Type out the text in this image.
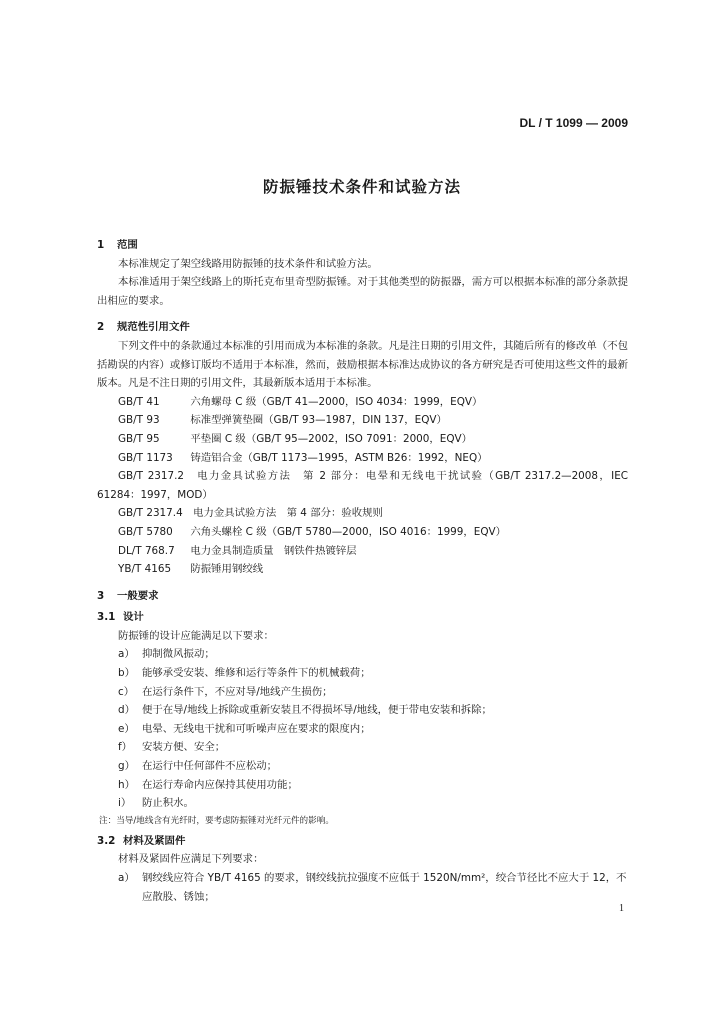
DL / T 1099 — 2009
防振锤技术条件和试验方法
1 范围
本标准规定了架空线路用防振锤的技术条件和试验方法。
本标准适用于架空线路上的斯托克布里奇型防振锤。对于其他类型的防振器，需方可以根据本标准的部分条款提出相应的要求。
2 规范性引用文件
下列文件中的条款通过本标准的引用而成为本标准的条款。凡是注日期的引用文件，其随后所有的修改单（不包括勘误的内容）或修订版均不适用于本标准，然而，鼓励根据本标准达成协议的各方研究是否可使用这些文件的最新版本。凡是不注日期的引用文件，其最新版本适用于本标准。
GB/T 41　	六角螺母 C 级（GB/T 41—2000，ISO 4034：1999，EQV）
GB/T 93　	标准型弹簧垫圈（GB/T 93—1987，DIN 137，EQV）
GB/T 95　	平垫圈 C 级（GB/T 95—2002，ISO 7091：2000，EQV）
GB/T 1173　 铸造铝合金（GB/T 1173—1995，ASTM B26：1992，NEQ）
GB/T 2317.2　 电力金具试验方法　第 2 部分：电晕和无线电干扰试验（GB/T 2317.2—2008，IEC 61284：1997，MOD）
GB/T 2317.4　 电力金具试验方法　第 4 部分：验收规则
GB/T 5780　 六角头螺栓 C 级（GB/T 5780—2000，ISO 4016：1999，EQV）
DL/T 768.7　 电力金具制造质量　钢铁件热镀锌层
YB/T 4165　 防振锤用钢绞线
3 一般要求
3.1 设计
防振锤的设计应能满足以下要求：
a） 抑制微风振动；
b） 能够承受安装、维修和运行等条件下的机械载荷；
c） 在运行条件下，不应对导/地线产生损伤；
d） 便于在导/地线上拆除或重新安装且不得损坏导/地线，便于带电安装和拆除；
e） 电晕、无线电干扰和可听噪声应在要求的限度内；
f） 安装方便、安全；
g） 在运行中任何部件不应松动；
h） 在运行寿命内应保持其使用功能；
i） 防止积水。
注：当导/地线含有光纤时，要考虑防振锤对光纤元件的影响。
3.2 材料及紧固件
材料及紧固件应满足下列要求：
a） 钢绞线应符合 YB/T 4165 的要求，钢绞线抗拉强度不应低于 1520N/mm²，绞合节径比不应大于 12，不应散股、锈蚀；
1
